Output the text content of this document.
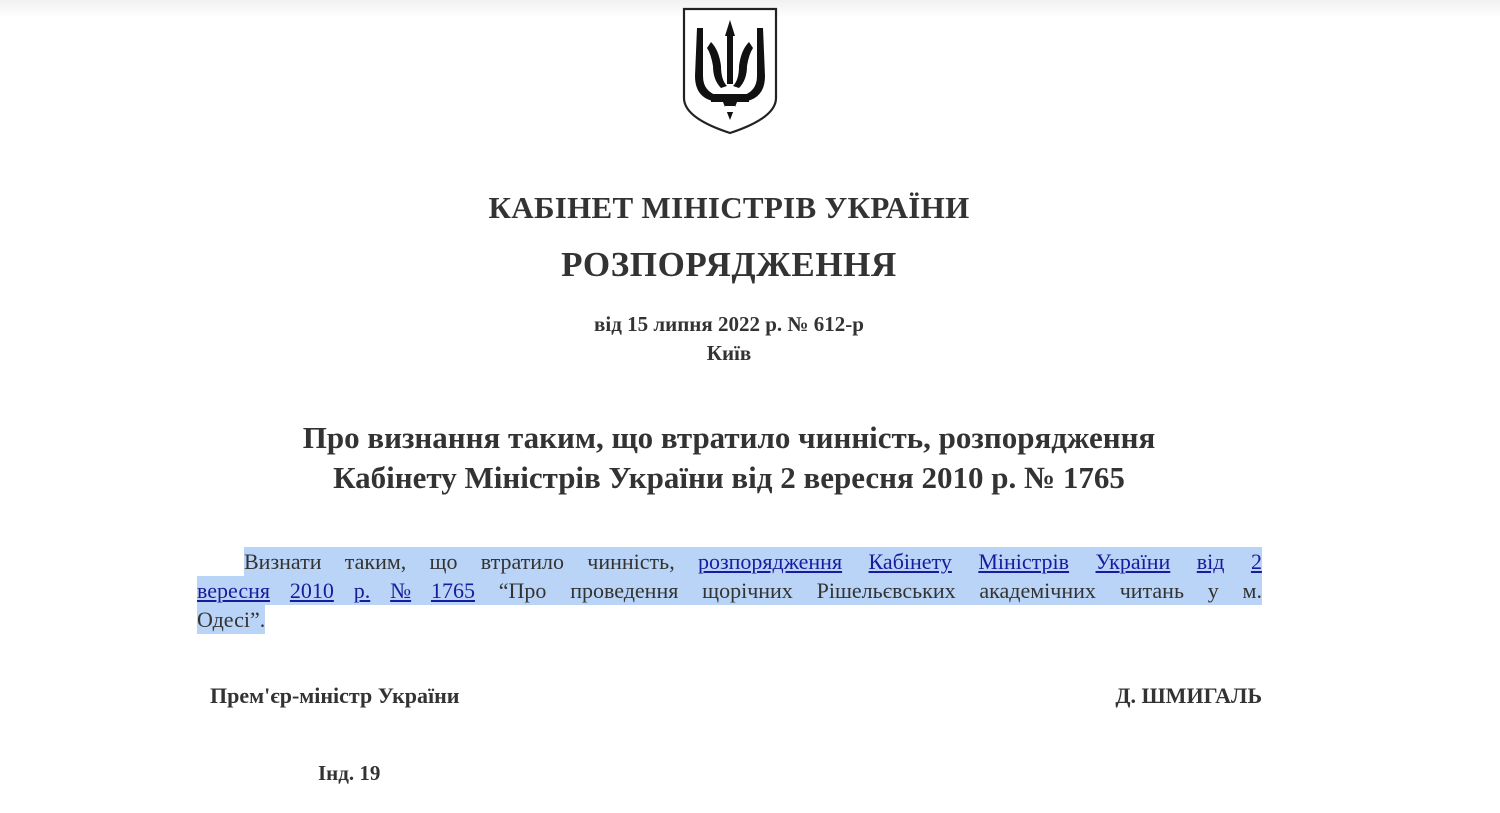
КАБІНЕТ МІНІСТРІВ УКРАЇНИ
РОЗПОРЯДЖЕННЯ
від 15 липня 2022 р. № 612-р
Київ
Про визнання таким, що втратило чинність, розпорядження
Кабінету Міністрів України від 2 вересня 2010 р. № 1765
Визнати таким, що втратило чинність, розпорядження Кабінету Міністрів України від 2
вересня 2010 р. № 1765 “Про проведення щорічних Рішельєвських академічних читань у м.
Одесі”.
Прем'єр-міністр України	Д. ШМИГАЛЬ
Інд. 19
